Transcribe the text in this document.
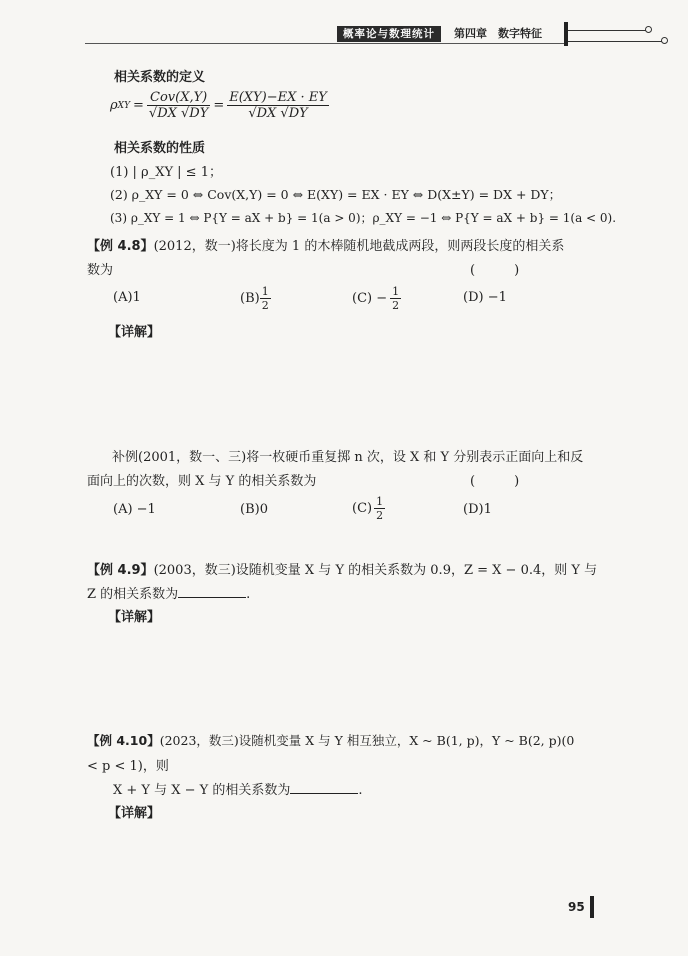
概率论与数理统计	第四章　数字特征
相关系数的定义
ρ XY = $\frac{\text{Cov(X,Y)}}{√DX √DY} = \frac{E(XY)-EX \cdot EY}{√DX √DY}$
相关系数的性质
(1) | ρ_XY | ≤ 1；
(2) ρ_XY = 0 ⇔ Cov(X,Y) = 0 ⇔ E(XY) = EX · EY ⇔ D(X±Y) = DX + DY；
(3) ρ_XY = 1 ⇔ P{Y = aX + b} = 1(a > 0)；ρ_XY = −1 ⇔ P{Y = aX + b} = 1(a < 0).
【例 4.8】(2012，数一)将长度为 1 的木棒随机地截成两段，则两段长度的相关系
数为	(　　　)
(A)1	$(B) \frac{1}{2}$	$(C) - \frac{1}{2}$	(D) −1
【详解】
补例(2001，数一、三)将一枚硬币重复掷 n 次，设 X 和 Y 分别表示正面向上和反
面向上的次数，则 X 与 Y 的相关系数为	(　　　)
(A) −1	(B)0	$(C) \frac{1}{2}$	(D)1
【例 4.9】(2003，数三)设随机变量 X 与 Y 的相关系数为 0.9，Z = X − 0.4，则 Y 与
Z 的相关系数为	.
【详解】
【例 4.10】(2023，数三)设随机变量 X 与 Y 相互独立，X ~ B(1, p)，Y ~ B(2, p)(0
< p < 1)，则
X + Y 与 X − Y 的相关系数为	.
【详解】
95
